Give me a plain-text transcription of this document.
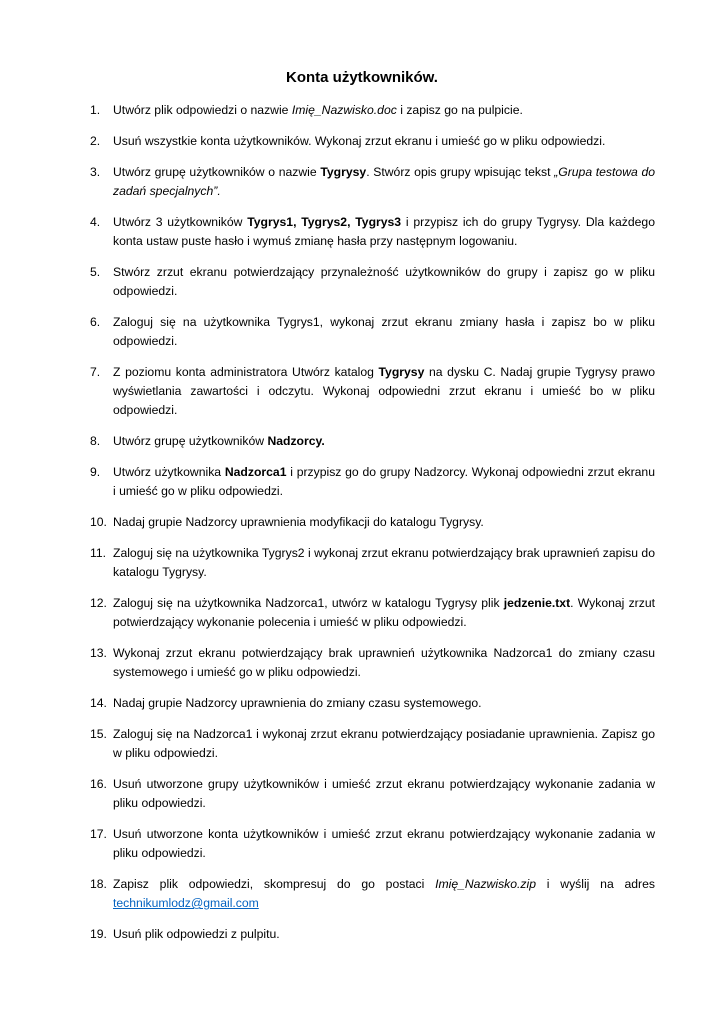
Konta użytkowników.
1. Utwórz plik odpowiedzi o nazwie Imię_Nazwisko.doc i zapisz go na pulpicie.
2. Usuń wszystkie konta użytkowników. Wykonaj zrzut ekranu i umieść go w pliku odpowiedzi.
3. Utwórz grupę użytkowników o nazwie Tygrysy. Stwórz opis grupy wpisując tekst „Grupa testowa do zadań specjalnych”.
4. Utwórz 3 użytkowników Tygrys1, Tygrys2, Tygrys3 i przypisz ich do grupy Tygrysy. Dla każdego konta ustaw puste hasło i wymuś zmianę hasła przy następnym logowaniu.
5. Stwórz zrzut ekranu potwierdzający przynależność użytkowników do grupy i zapisz go w pliku odpowiedzi.
6. Zaloguj się na użytkownika Tygrys1, wykonaj zrzut ekranu zmiany hasła i zapisz bo w pliku odpowiedzi.
7. Z poziomu konta administratora Utwórz katalog Tygrysy na dysku C. Nadaj grupie Tygrysy prawo wyświetlania zawartości i odczytu. Wykonaj odpowiedni zrzut ekranu i umieść bo w pliku odpowiedzi.
8. Utwórz grupę użytkowników Nadzorcy.
9. Utwórz użytkownika Nadzorca1 i przypisz go do grupy Nadzorcy. Wykonaj odpowiedni zrzut ekranu i umieść go w pliku odpowiedzi.
10. Nadaj grupie Nadzorcy uprawnienia modyfikacji do katalogu Tygrysy.
11. Zaloguj się na użytkownika Tygrys2 i wykonaj zrzut ekranu potwierdzający brak uprawnień zapisu do katalogu Tygrysy.
12. Zaloguj się na użytkownika Nadzorca1, utwórz w katalogu Tygrysy plik jedzenie.txt. Wykonaj zrzut potwierdzający wykonanie polecenia i umieść w pliku odpowiedzi.
13. Wykonaj zrzut ekranu potwierdzający brak uprawnień użytkownika Nadzorca1 do zmiany czasu systemowego i umieść go w pliku odpowiedzi.
14. Nadaj grupie Nadzorcy uprawnienia do zmiany czasu systemowego.
15. Zaloguj się na Nadzorca1 i wykonaj zrzut ekranu potwierdzający posiadanie uprawnienia. Zapisz go w pliku odpowiedzi.
16. Usuń utworzone grupy użytkowników i umieść zrzut ekranu potwierdzający wykonanie zadania w pliku odpowiedzi.
17. Usuń utworzone konta użytkowników i umieść zrzut ekranu potwierdzający wykonanie zadania w pliku odpowiedzi.
18. Zapisz plik odpowiedzi, skompresuj do go postaci Imię_Nazwisko.zip i wyślij na adres technikumlodz@gmail.com
19. Usuń plik odpowiedzi z pulpitu.
